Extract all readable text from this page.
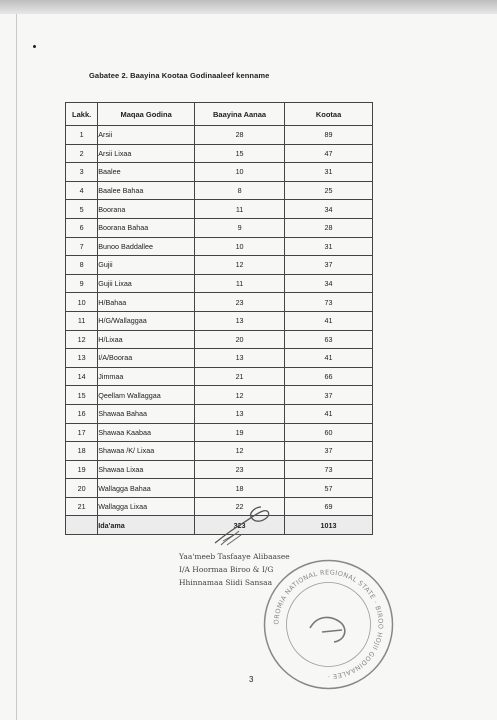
Gabatee 2. Baayina Kootaa Godinaaleef kenname
Lakk.	Maqaa Godina	Baayina Aanaa	Kootaa
1	Arsii	28	89
2	Arsii Lixaa	15	47
3	Baalee	10	31
4	Baalee Bahaa	8	25
5	Boorana	11	34
6	Boorana Bahaa	9	28
7	Bunoo Baddallee	10	31
8	Gujii	12	37
9	Gujii Lixaa	11	34
10	H/Bahaa	23	73
11	H/G/Wallaggaa	13	41
12	H/Lixaa	20	63
13	I/A/Booraa	13	41
14	Jimmaa	21	66
15	Qeellam Wallaggaa	12	37
16	Shawaa Bahaa	13	41
17	Shawaa Kaabaa	19	60
18	Shawaa /K/ Lixaa	12	37
19	Shawaa Lixaa	23	73
20	Wallagga Bahaa	18	57
21	Wallagga Lixaa	22	69
	Ida'ama	323	1013
Yaa'meeb Tasfaaye Alibaasee
I/A Hoormaa Biroo & I/G
Hhinnamaa Siidi Sansaa
OROMIA NATIONAL REGIONAL STATE · BIROO HOJII GODINAALEE ·
3
